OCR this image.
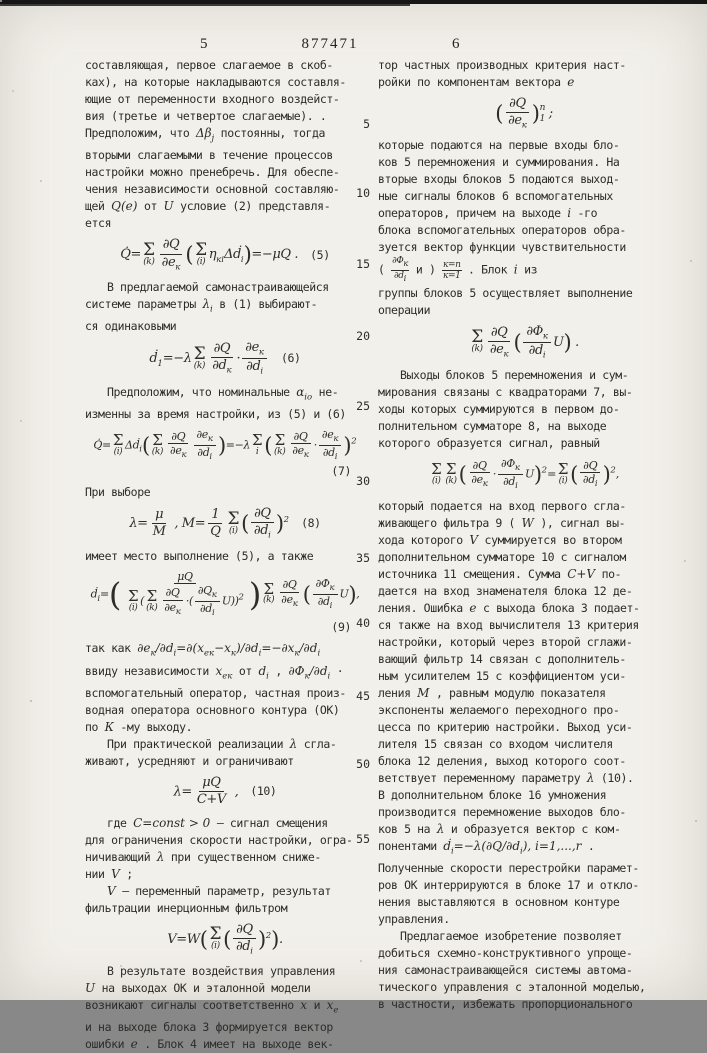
5	877471	6
составляющая, первое слагаемое в скоб-
ках), на которые накладываются составля-
ющие от переменности входного воздейст-
вия (третье и четвертое слагаемые). .
Предположим, что $\Delta\beta_j$ постоянны, тогда
вторыми слагаемыми в течение процессов
настройки можно пренебречь. Для обеспе-
чения независимости основной составляю-
щей Q(e) от U условие (2) представля-
ется
Q̇= Σ
(k)
∂Q
$\partial e_к$
( Σ
(i) $\eta_{кi}\Delta ḋ_i)=-\mu Q$ . (5)
В предлагаемой самонастраивающейся
системе параметры $\lambda_i$ в (1) выбирают-
ся одинаковыми
ḋ$_1$=−λ Σ
(k)
∂Q
$\partial d_к$
·
$\partial e_к$
$\partial d_i$
(6)
Предположим, что номинальные $\alpha_{io}$ не-
изменны за время настройки, из (5) и (6)
Q̇= Σ
(i)
Δḋ$_i$( Σ
(k)
∂Q
$\partial e_к$
$\partial e_к$
$\partial d_i$ )=−λ Σ
i ( Σ
(k)
∂Q
$\partial e_к$
·
$\partial e_к$
$\partial d_i$ )$^2$
(7)
При выборе
$\lambda= \frac{\mu}{M}$ , $M= \frac{1}{Q}$ Σ
(i) ( $\frac{\partial Q}{\partial d_i} )^2$ (8)
имеет место выполнение (5), а также
ḋ$_i$=(	μQ
Σ
(i)
( Σ
(k)
∂Q
$\partial e_к$
·(
$\partial Q_к$
$\partial d_i$
U))$^2$ ) Σ
(k)
∂Q
$\partial e_к$ ( $\partial\Phi_к$
$\partial d_i$
U),
(9)
так как $\partial e_к/\partial d_i=\partial(x_{eк}-x_к)/\partial d_i=-\partial x_к/\partial d_i$
ввиду независимости $x_{eк}$ от $d_i$ , $\partial\Phi_к/\partial d_i$ ·
вспомогательный оператор, частная произ-
водная оператора основного контура (ОК)
по К -му выходу.
При практической реализации λ сгла-
живают, усредняют и ограничивают
$\lambda= \frac{\mu Q}{C+V}$ , (10)
где C=const > 0 — сигнал смещения
для ограничения скорости настройки, огра-
ничивающий λ при существенном сниже-
нии V ;
V — переменный параметр, результат
фильтрации инерционным фильтром
V=W( Σ
(i) ( $\frac{\partial Q}{\partial d_i} )^2$).
В результате воздействия управления
U на выходах ОК и эталонной модели
возникают сигналы соответственно x и $x_e$
и на выходе блока 3 формируется вектор
ошибки e . Блок 4 имеет на выходе век-
5
10
15
20
25
30
35
40
45
50
55
тор частных производных критерия наст-
ройки по компонентам вектора e
( ∂Q
$\partial e_к$
) n
1 ;
которые подаются на первые входы бло-
ков 5 перемножения и суммирования. На
вторые входы блоков 5 подаются выход-
ные сигналы блоков 6 вспомогательных
операторов, причем на выходе i -го
блока вспомогательных операторов обра-
зуется вектор функции чувствительности
(
$\partial\Phi_к$
$\partial d_i$
и ) к=n
к=1 . Блок i из
группы блоков 5 осуществляет выполнение
операции
Σ
(k)
∂Q
$\partial e_к$
( $\partial\Phi_к$
$\partial d_i$
U) .
Выходы блоков 5 перемножения и сум-
мирования связаны с квадраторами 7, вы-
ходы которых суммируются в первом до-
полнительном сумматоре 8, на выходе
которого образуется сигнал, равный
Σ
(i)
Σ
(k) ( ∂Q
$\partial e_к$
·
$\partial\Phi_к$
$\partial d_i$
U)$^2$= Σ
(i) ( $\frac{\partial Q}{\partial d_i} )^2$,
который подается на вход первого сгла-
живающего фильтра 9 ( W ), сигнал вы-
хода которого V суммируется во втором
дополнительном сумматоре 10 с сигналом
источника 11 смещения. Сумма C+V по-
дается на вход знаменателя блока 12 де-
ления. Ошибка e с выхода блока 3 подает-
ся также на вход вычислителя 13 критерия
настройки, который через второй сглажи-
вающий фильтр 14 связан с дополнитель-
ным усилителем 15 с коэффициентом уси-
ления М , равным модулю показателя
экспоненты желаемого переходного про-
цесса по критерию настройки. Выход уси-
лителя 15 связан со входом числителя
блока 12 деления, выход которого соот-
ветствует переменному параметру λ (10).
В дополнительном блоке 16 умножения
производится перемножение выходов бло-
ков 5 на λ и образуется вектор с ком-
понентами $ḋ_i=-\lambda(\partial Q/\partial d_i)$, i=1,...,r .
Полученные скорости перестройки парамет-
ров ОК интеррируются в блоке 17 и откло-
нения выставляются в основном контуре
управления.
Предлагаемое изобретение позволяет
добиться схемно-конструктивного упроще-
ния самонастраивающейся системы автома-
тического управления с эталонной моделью,
в частности, избежать пропорционального
